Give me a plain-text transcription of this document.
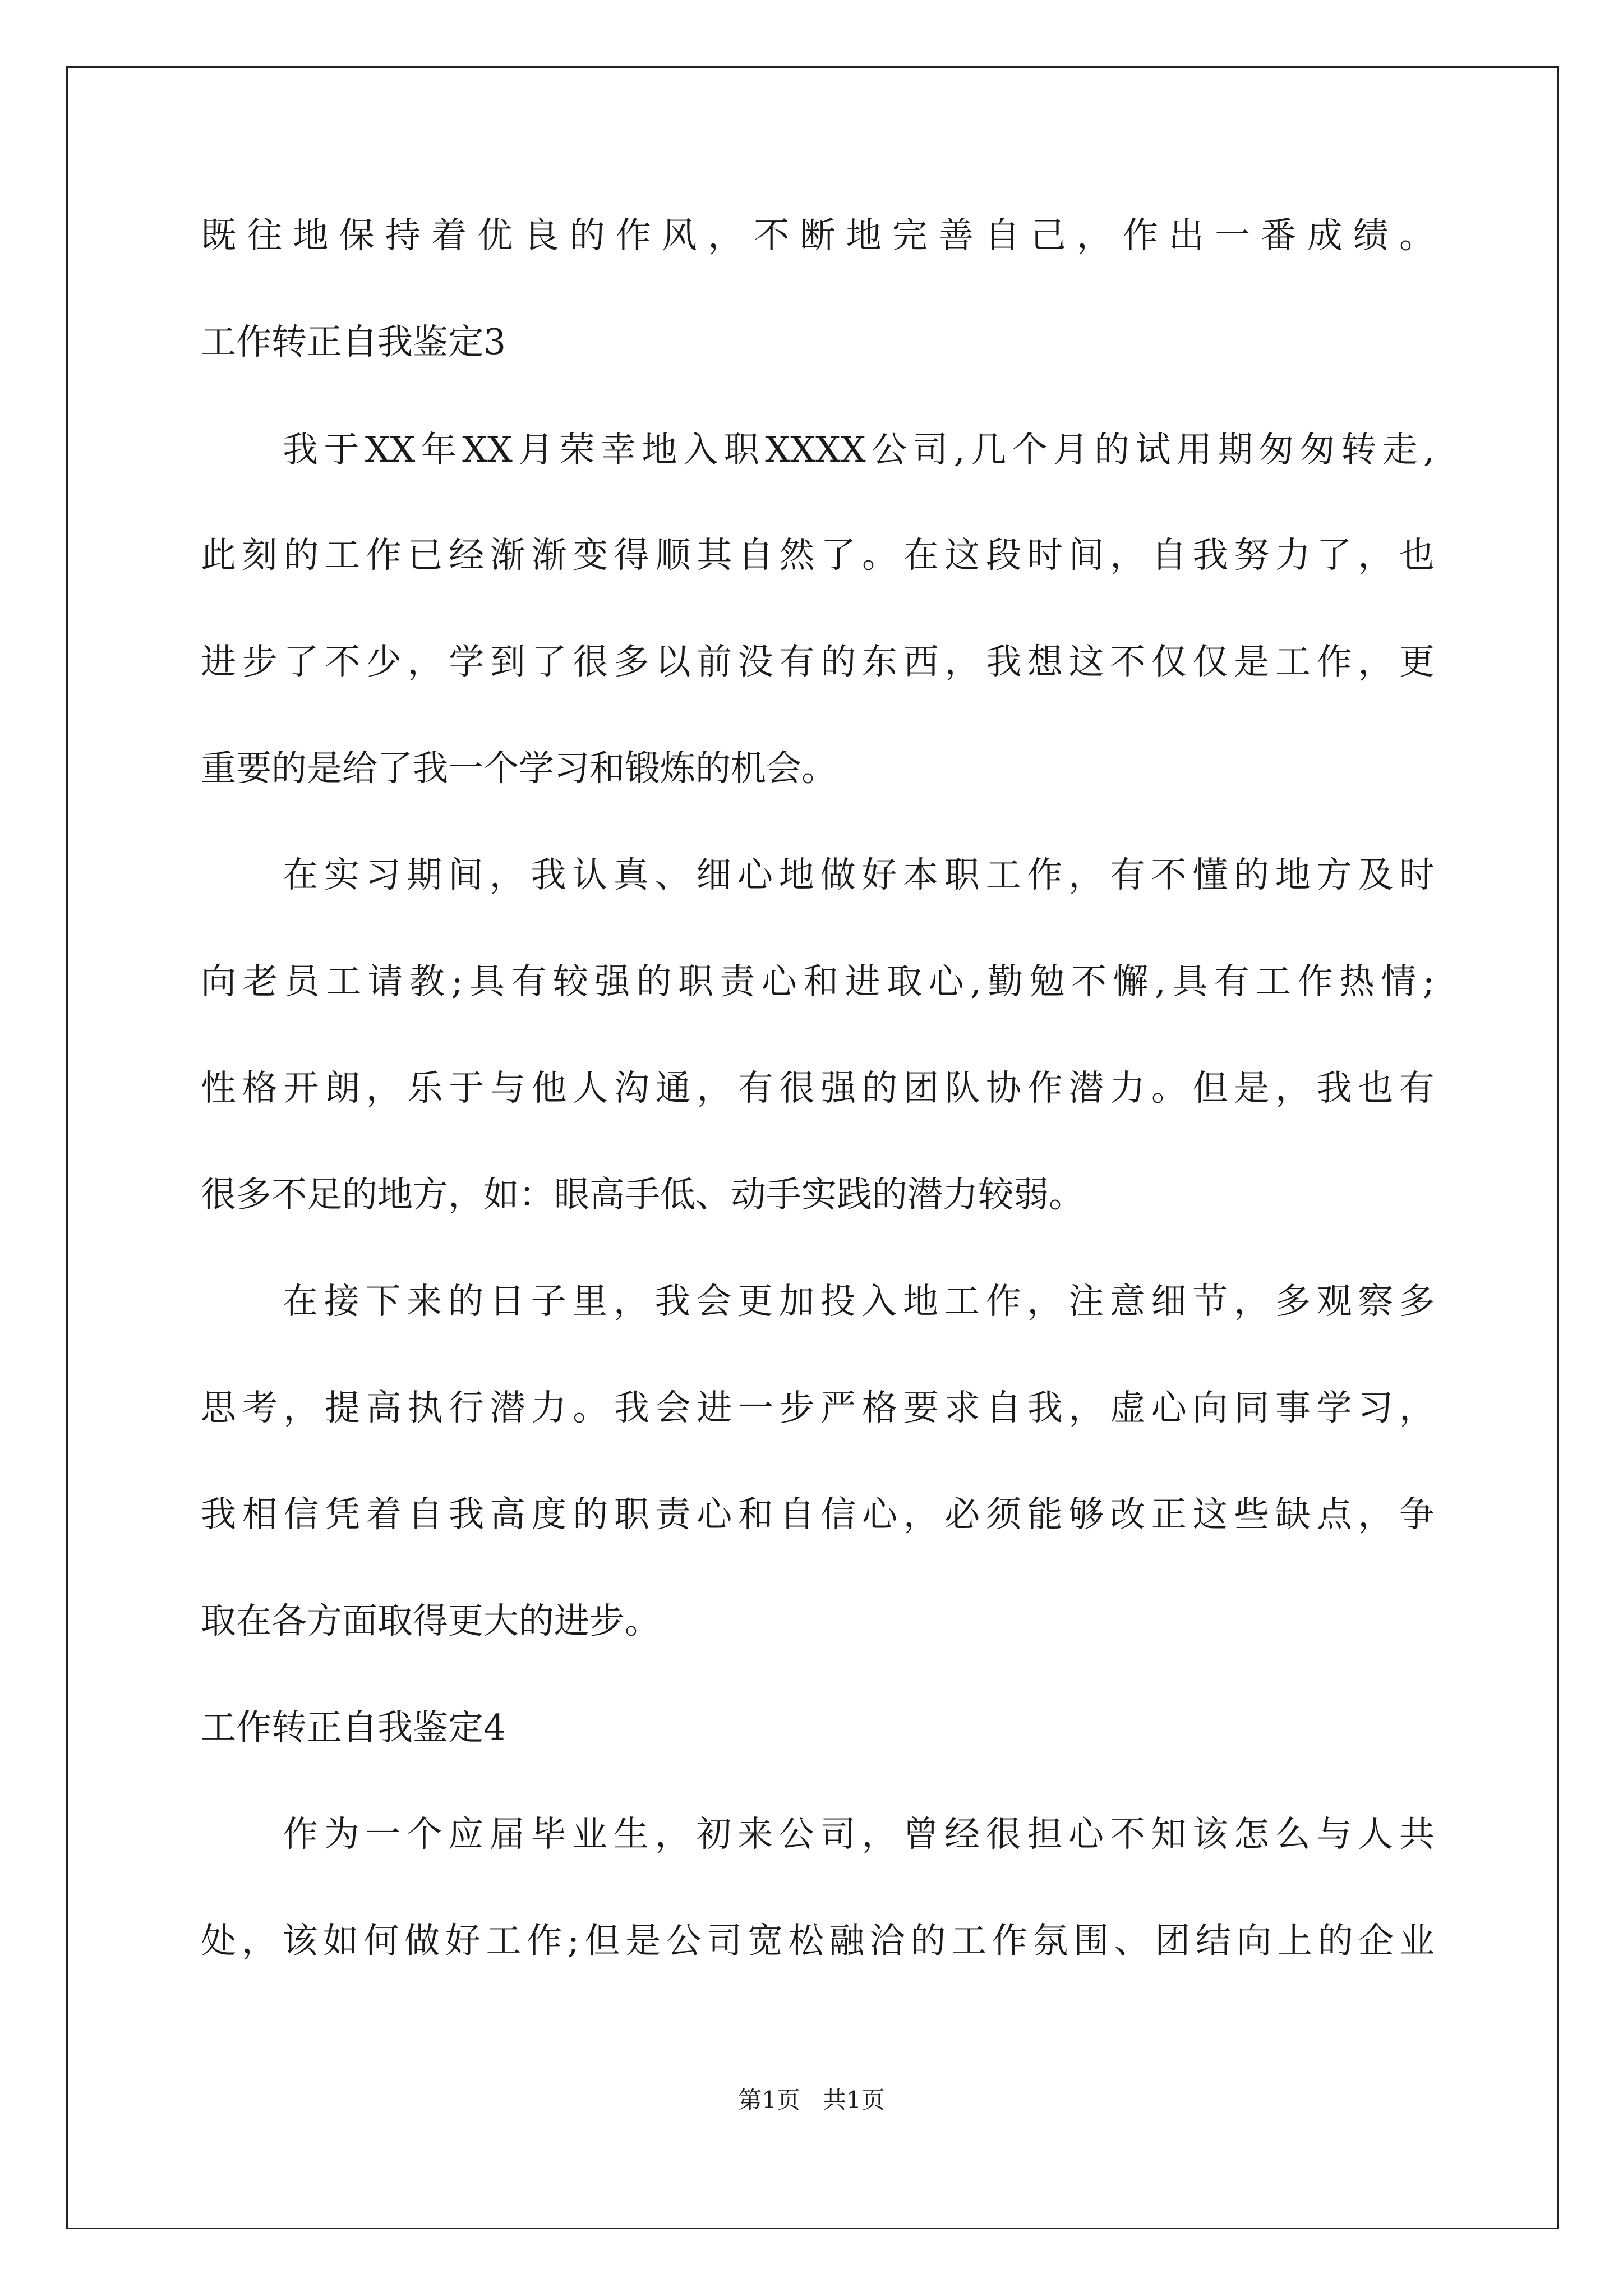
既往地保持着优良的作风，不断地完善自己，作出一番成绩。
工作转正自我鉴定3
我于XX年XX月荣幸地入职XXXX公司,几个月的试用期匆匆转走,
此刻的工作已经渐渐变得顺其自然了。在这段时间，自我努力了，也
进步了不少，学到了很多以前没有的东西，我想这不仅仅是工作，更
重要的是给了我一个学习和锻炼的机会。
在实习期间，我认真、细心地做好本职工作，有不懂的地方及时
向老员工请教;具有较强的职责心和进取心,勤勉不懈,具有工作热情;
性格开朗，乐于与他人沟通，有很强的团队协作潜力。但是，我也有
很多不足的地方，如：眼高手低、动手实践的潜力较弱。
在接下来的日子里，我会更加投入地工作，注意细节，多观察多
思考，提高执行潜力。我会进一步严格要求自我，虚心向同事学习，
我相信凭着自我高度的职责心和自信心，必须能够改正这些缺点，争
取在各方面取得更大的进步。
工作转正自我鉴定4
作为一个应届毕业生，初来公司，曾经很担心不知该怎么与人共
处，该如何做好工作;但是公司宽松融洽的工作氛围、团结向上的企业
第1页   共1页
